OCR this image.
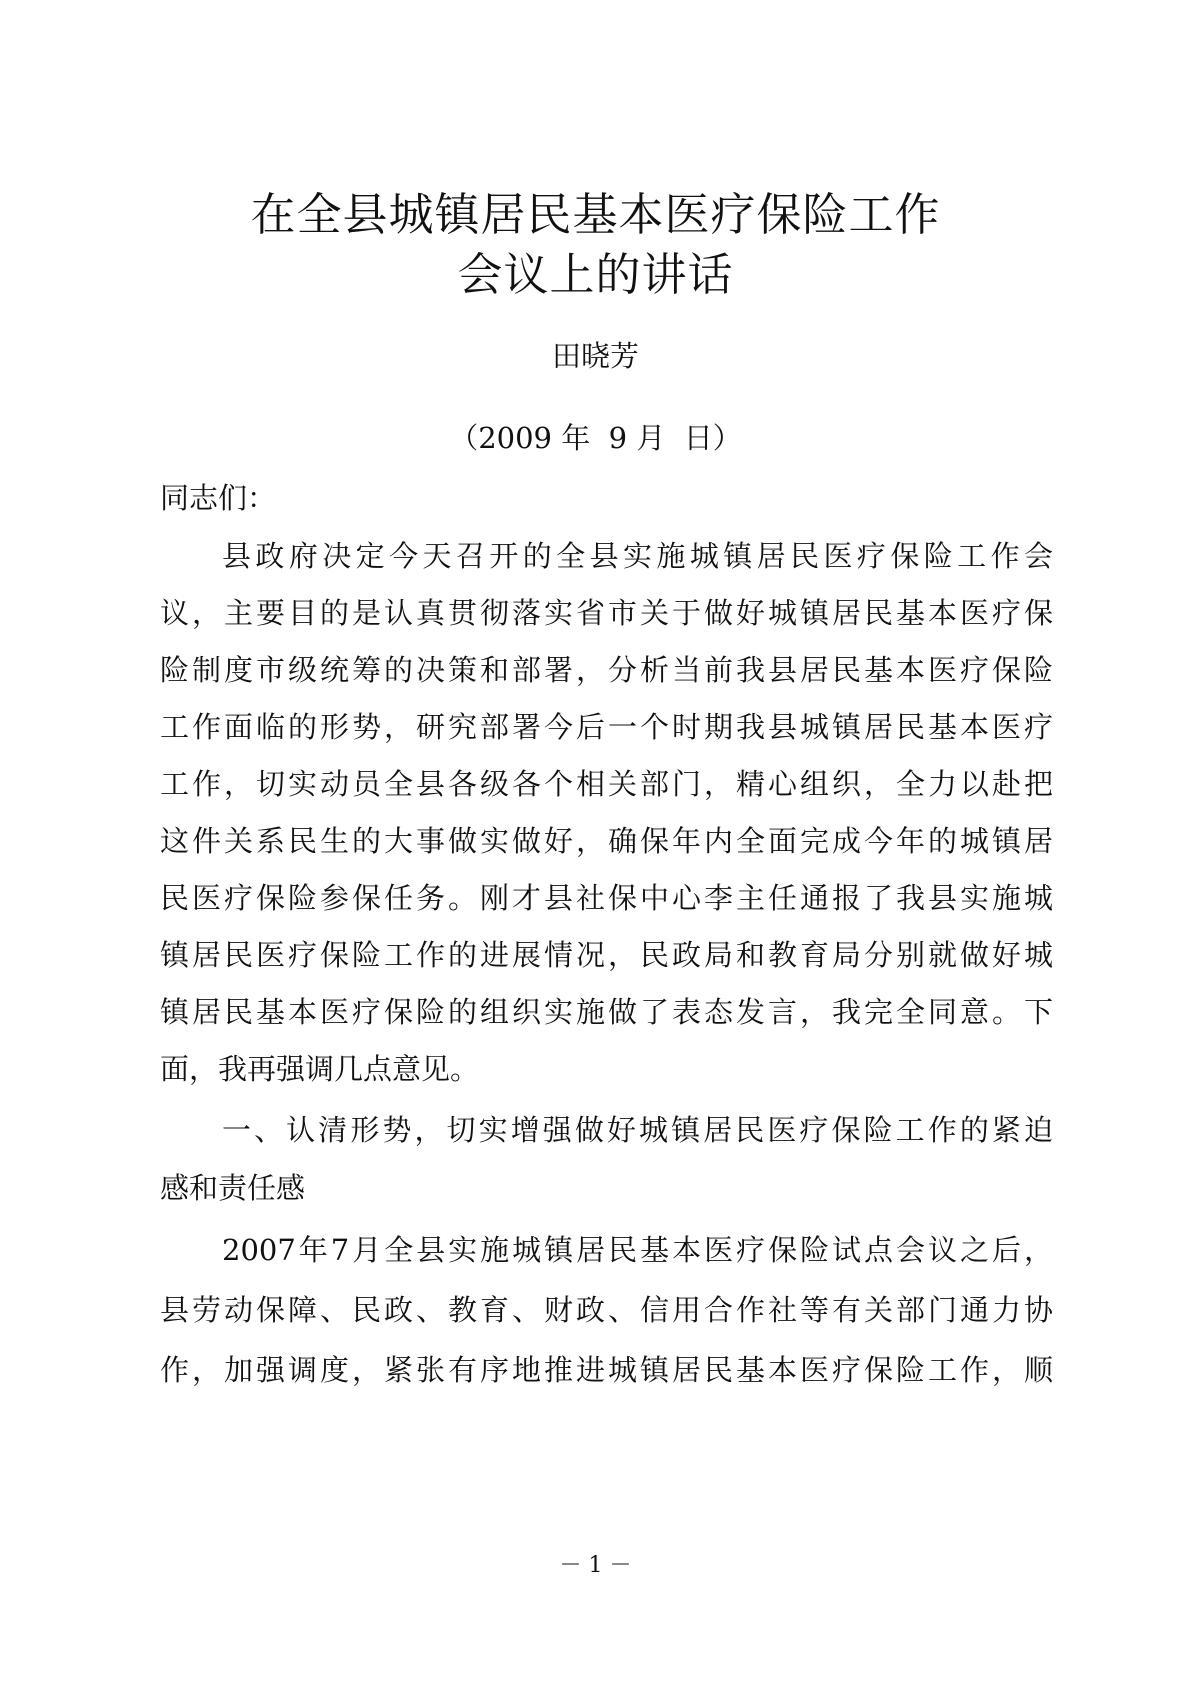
在全县城镇居民基本医疗保险工作
会议上的讲话
田晓芳
（2009 年  9 月  日）
同志们：
县政府决定今天召开的全县实施城镇居民医疗保险工作会
议，主要目的是认真贯彻落实省市关于做好城镇居民基本医疗保
险制度市级统筹的决策和部署，分析当前我县居民基本医疗保险
工作面临的形势，研究部署今后一个时期我县城镇居民基本医疗
工作，切实动员全县各级各个相关部门，精心组织，全力以赴把
这件关系民生的大事做实做好，确保年内全面完成今年的城镇居
民医疗保险参保任务。刚才县社保中心李主任通报了我县实施城
镇居民医疗保险工作的进展情况，民政局和教育局分别就做好城
镇居民基本医疗保险的组织实施做了表态发言，我完全同意。下
面，我再强调几点意见。
一、认清形势，切实增强做好城镇居民医疗保险工作的紧迫
感和责任感
2007年7月全县实施城镇居民基本医疗保险试点会议之后，
县劳动保障、民政、教育、财政、信用合作社等有关部门通力协
作，加强调度，紧张有序地推进城镇居民基本医疗保险工作，顺
－ 1 －
